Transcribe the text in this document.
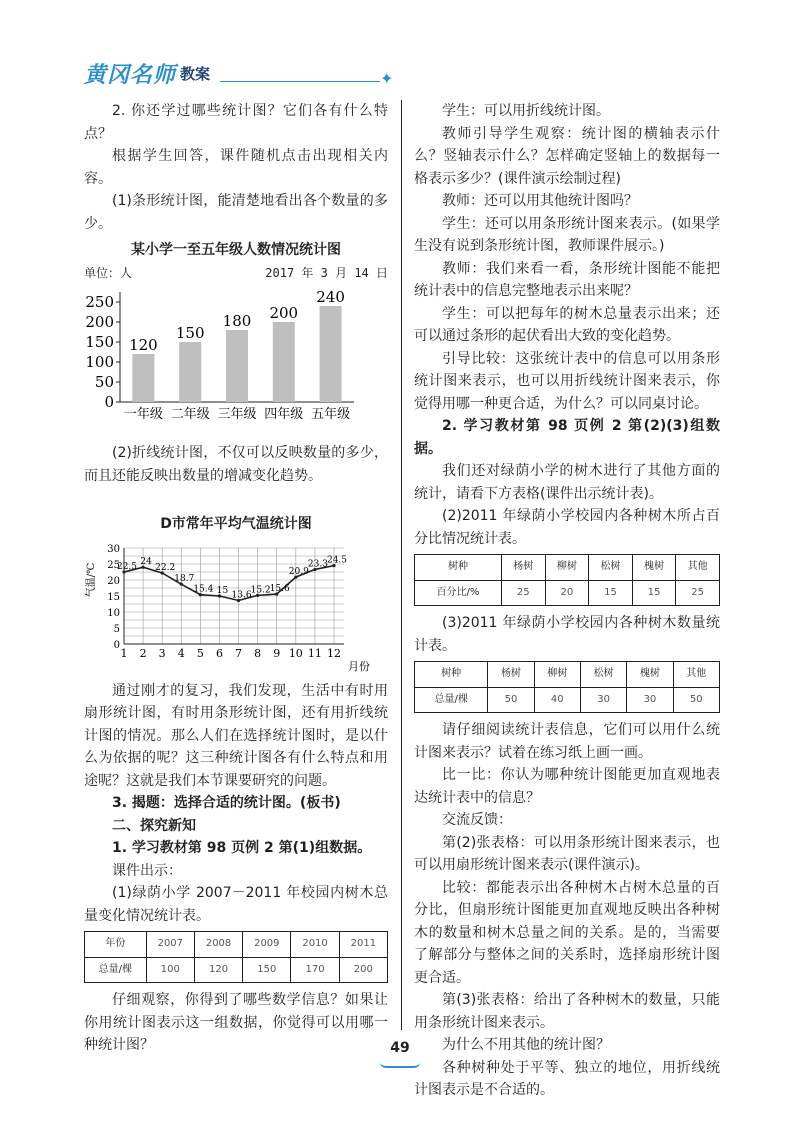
黄冈名师 教案	✦

2. 你还学过哪些统计图？它们各有什么特点？

根据学生回答，课件随机点击出现相关内容。

(1)条形统计图，能清楚地看出各个数量的多少。

某小学一至五年级人数情况统计图
单位：人	2017 年 3 月 14 日
0
50
100
150
200
250
120
一年级
150
二年级
180
三年级
200
四年级
240
五年级

(2)折线统计图，不仅可以反映数量的多少，而且还能反映出数量的增减变化趋势。

D市常年平均气温统计图
0
5
10
15
20
25
30
1 2 3 4 5 6 7 8 9 10 11 12
月份
气温/℃ 22.5 24
22.2
18.7
15.4 15 13.6
15.2 15.6
20.9
23.3 24.5

通过刚才的复习，我们发现，生活中有时用扇形统计图，有时用条形统计图，还有用折线统计图的情况。那么人们在选择统计图时，是以什么为依据的呢？这三种统计图各有什么特点和用途呢？这就是我们本节课要研究的问题。

3. 揭题：选择合适的统计图。(板书)

二、探究新知

1. 学习教材第 98 页例 2 第(1)组数据。

课件出示：

(1)绿荫小学 2007－2011 年校园内树木总量变化情况统计表。

年份	2007	2008	2009	2010	2011
总量/棵	100	120	150	170	200

仔细观察，你得到了哪些数学信息？如果让你用统计图表示这一组数据，你觉得可以用哪一种统计图？

学生：可以用折线统计图。

教师引导学生观察：统计图的横轴表示什么？竖轴表示什么？怎样确定竖轴上的数据每一格表示多少？(课件演示绘制过程)

教师：还可以用其他统计图吗？

学生：还可以用条形统计图来表示。(如果学生没有说到条形统计图，教师课件展示。)

教师：我们来看一看，条形统计图能不能把统计表中的信息完整地表示出来呢？

学生：可以把每年的树木总量表示出来；还可以通过条形的起伏看出大致的变化趋势。

引导比较：这张统计表中的信息可以用条形统计图来表示，也可以用折线统计图来表示，你觉得用哪一种更合适，为什么？可以同桌讨论。

2. 学习教材第 98 页例 2 第(2)(3)组数据。

我们还对绿荫小学的树木进行了其他方面的统计，请看下方表格(课件出示统计表)。

(2)2011 年绿荫小学校园内各种树木所占百分比情况统计表。

树种	杨树	柳树	松树	槐树	其他
百分比/%	25	20	15	15	25

(3)2011 年绿荫小学校园内各种树木数量统计表。

树种	杨树	柳树	松树	槐树	其他
总量/棵	50	40	30	30	50

请仔细阅读统计表信息，它们可以用什么统计图来表示？试着在练习纸上画一画。

比一比：你认为哪种统计图能更加直观地表达统计表中的信息？

交流反馈：

第(2)张表格：可以用条形统计图来表示，也可以用扇形统计图来表示(课件演示)。

比较：都能表示出各种树木占树木总量的百分比，但扇形统计图能更加直观地反映出各种树木的数量和树木总量之间的关系。是的，当需要了解部分与整体之间的关系时，选择扇形统计图更合适。

第(3)张表格：给出了各种树木的数量，只能用条形统计图来表示。

为什么不用其他的统计图？

各种树种处于平等、独立的地位，用折线统计图表示是不合适的。

49
